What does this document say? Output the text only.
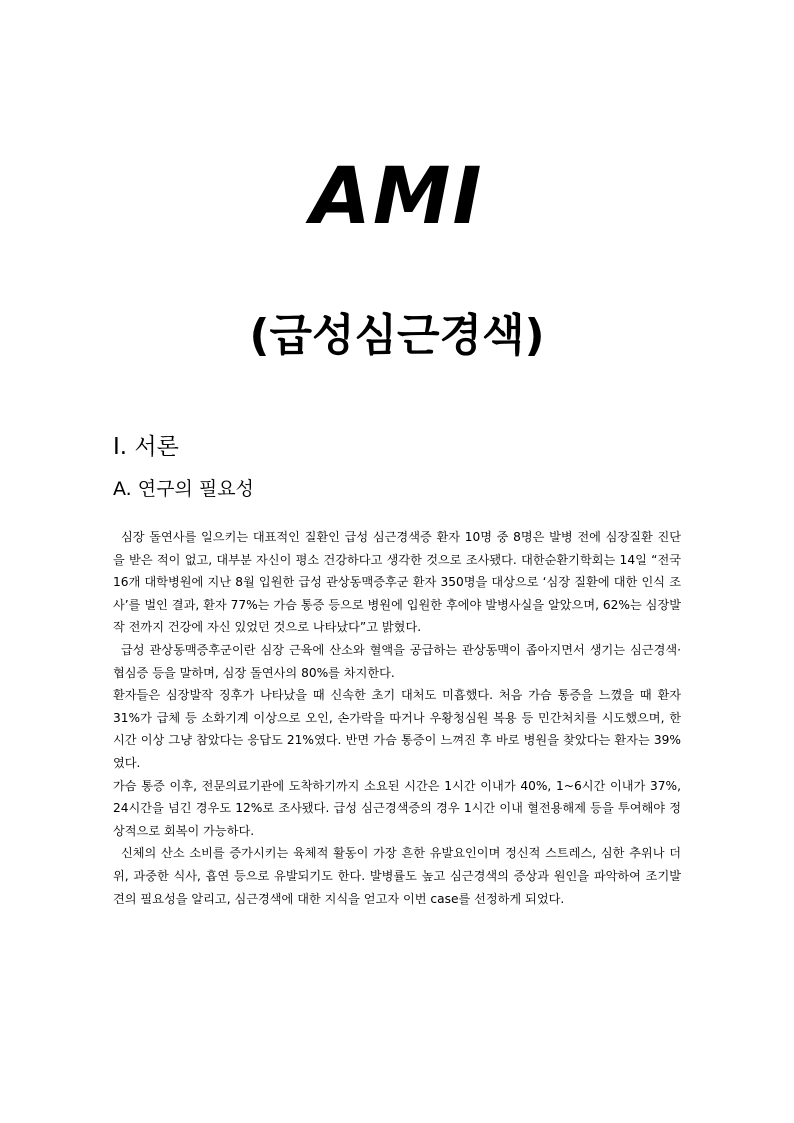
AMI
(급성심근경색)
Ⅰ. 서론
A. 연구의 필요성

심장 돌연사를 일으키는 대표적인 질환인 급성 심근경색증 환자 10명 중 8명은 발병 전에 심장질환 진단을 받은 적이 없고, 대부분 자신이 평소 건강하다고 생각한 것으로 조사됐다. 대한순환기학회는 14일 “전국 16개 대학병원에 지난 8월 입원한 급성 관상동맥증후군 환자 350명을 대상으로 ‘심장 질환에 대한 인식 조사’를 벌인 결과, 환자 77%는 가슴 통증 등으로 병원에 입원한 후에야 발병사실을 알았으며, 62%는 심장발작 전까지 건강에 자신 있었던 것으로 나타났다”고 밝혔다.

급성 관상동맥증후군이란 심장 근육에 산소와 혈액을 공급하는 관상동맥이 좁아지면서 생기는 심근경색·협심증 등을 말하며, 심장 돌연사의 80%를 차지한다.

환자들은 심장발작 징후가 나타났을 때 신속한 초기 대처도 미흡했다. 처음 가슴 통증을 느꼈을 때 환자 31%가 급체 등 소화기계 이상으로 오인, 손가락을 따거나 우황청심원 복용 등 민간처치를 시도했으며, 한 시간 이상 그냥 참았다는 응답도 21%였다. 반면 가슴 통증이 느껴진 후 바로 병원을 찾았다는 환자는 39%였다.

가슴 통증 이후, 전문의료기관에 도착하기까지 소요된 시간은 1시간 이내가 40%, 1~6시간 이내가 37%, 24시간을 넘긴 경우도 12%로 조사됐다. 급성 심근경색증의 경우 1시간 이내 혈전용해제 등을 투여해야 정상적으로 회복이 가능하다.

신체의 산소 소비를 증가시키는 육체적 활동이 가장 흔한 유발요인이며 정신적 스트레스, 심한 추위나 더위, 과중한 식사, 흡연 등으로 유발되기도 한다. 발병률도 높고 심근경색의 증상과 원인을 파악하여 조기발견의 필요성을 알리고, 심근경색에 대한 지식을 얻고자 이번 case를 선정하게 되었다.
